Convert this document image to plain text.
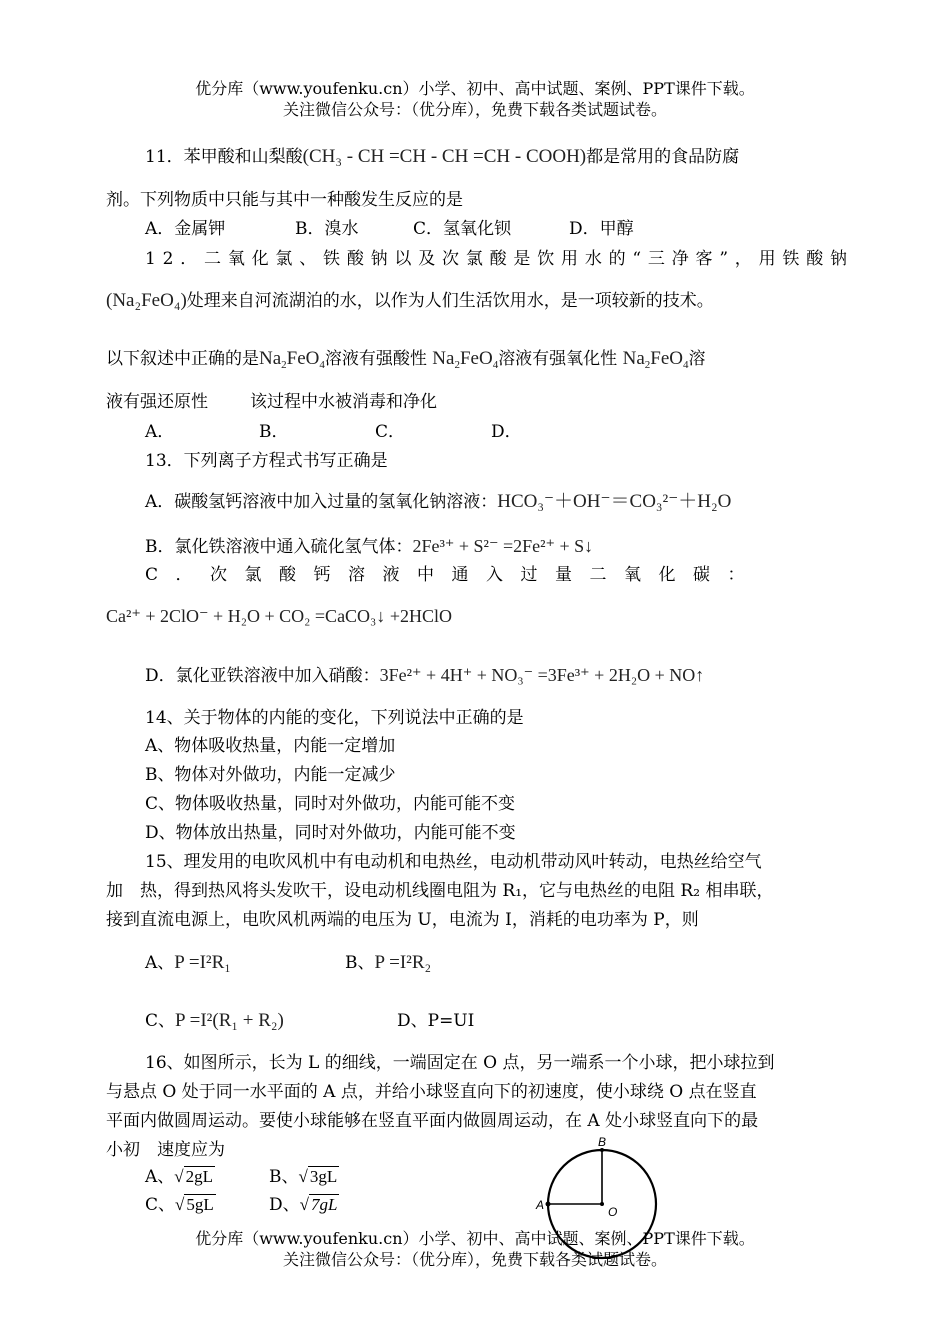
优分库（www.youfenku.cn）小学、初中、高中试题、案例、PPT课件下载。
关注微信公众号：（优分库），免费下载各类试题试卷。
11．苯甲酸和山梨酸(CH₃ - CH =CH - CH =CH - COOH)都是常用的食品防腐
剂。下列物质中只能与其中一种酸发生反应的是
A．金属钾	B．溴水	C．氢氧化钡	D．甲醇
12．二氧化氯、铁酸钠以及次氯酸是饮用水的“三净客”，用铁酸钠
(Na₂FeO₄)处理来自河流湖泊的水，以作为人们生活饮用水，是一项较新的技术。
以下叙述中正确的是$Na_2FeO_4$溶液有强酸性 $Na_2FeO_4$溶液有强氧化性 $Na_2FeO_4$溶
液有强还原性 该过程中水被消毒和净化
A．	B．	C．	D．
13．下列离子方程式书写正确是
A．碳酸氢钙溶液中加入过量的氢氧化钠溶液：HCO₃⁻＋OH⁻＝CO₃²⁻＋H₂O
B．氯化铁溶液中通入硫化氢气体：2Fe³⁺ + S²⁻ =2Fe²⁺ + S↓
C．次氯酸钙溶液中通入过量二氧化碳：
Ca²⁺ + 2ClO⁻ + H₂O + CO₂ =CaCO₃↓ +2HClO
D．氯化亚铁溶液中加入硝酸：3Fe²⁺ + 4H⁺ + NO₃⁻ =3Fe³⁺ + 2H₂O + NO↑
14、关于物体的内能的变化，下列说法中正确的是
A、物体吸收热量，内能一定增加
B、物体对外做功，内能一定减少
C、物体吸收热量，同时对外做功，内能可能不变
D、物体放出热量，同时对外做功，内能可能不变
15、理发用的电吹风机中有电动机和电热丝，电动机带动风叶转动，电热丝给空气
加　热，得到热风将头发吹干，设电动机线圈电阻为 R₁，它与电热丝的电阻 R₂ 相串联，
接到直流电源上，电吹风机两端的电压为 U，电流为 I，消耗的电功率为 P，则
A、P =I²R₁	B、P =I²R₂
C、P =I²(R₁ + R₂)	D、P=UI
16、如图所示，长为 L 的细线，一端固定在 O 点，另一端系一个小球，把小球拉到
与悬点 O 处于同一水平面的 A 点，并给小球竖直向下的初速度，使小球绕 O 点在竖直
平面内做圆周运动。要使小球能够在竖直平面内做圆周运动，在 A 处小球竖直向下的最
小初　速度应为
A、√ 2gL	B、√ 3gL
C、√ 5gL	D、√ 7gL
B
A	O
优分库（www.youfenku.cn）小学、初中、高中试题、案例、PPT课件下载。
关注微信公众号：（优分库），免费下载各类试题试卷。
